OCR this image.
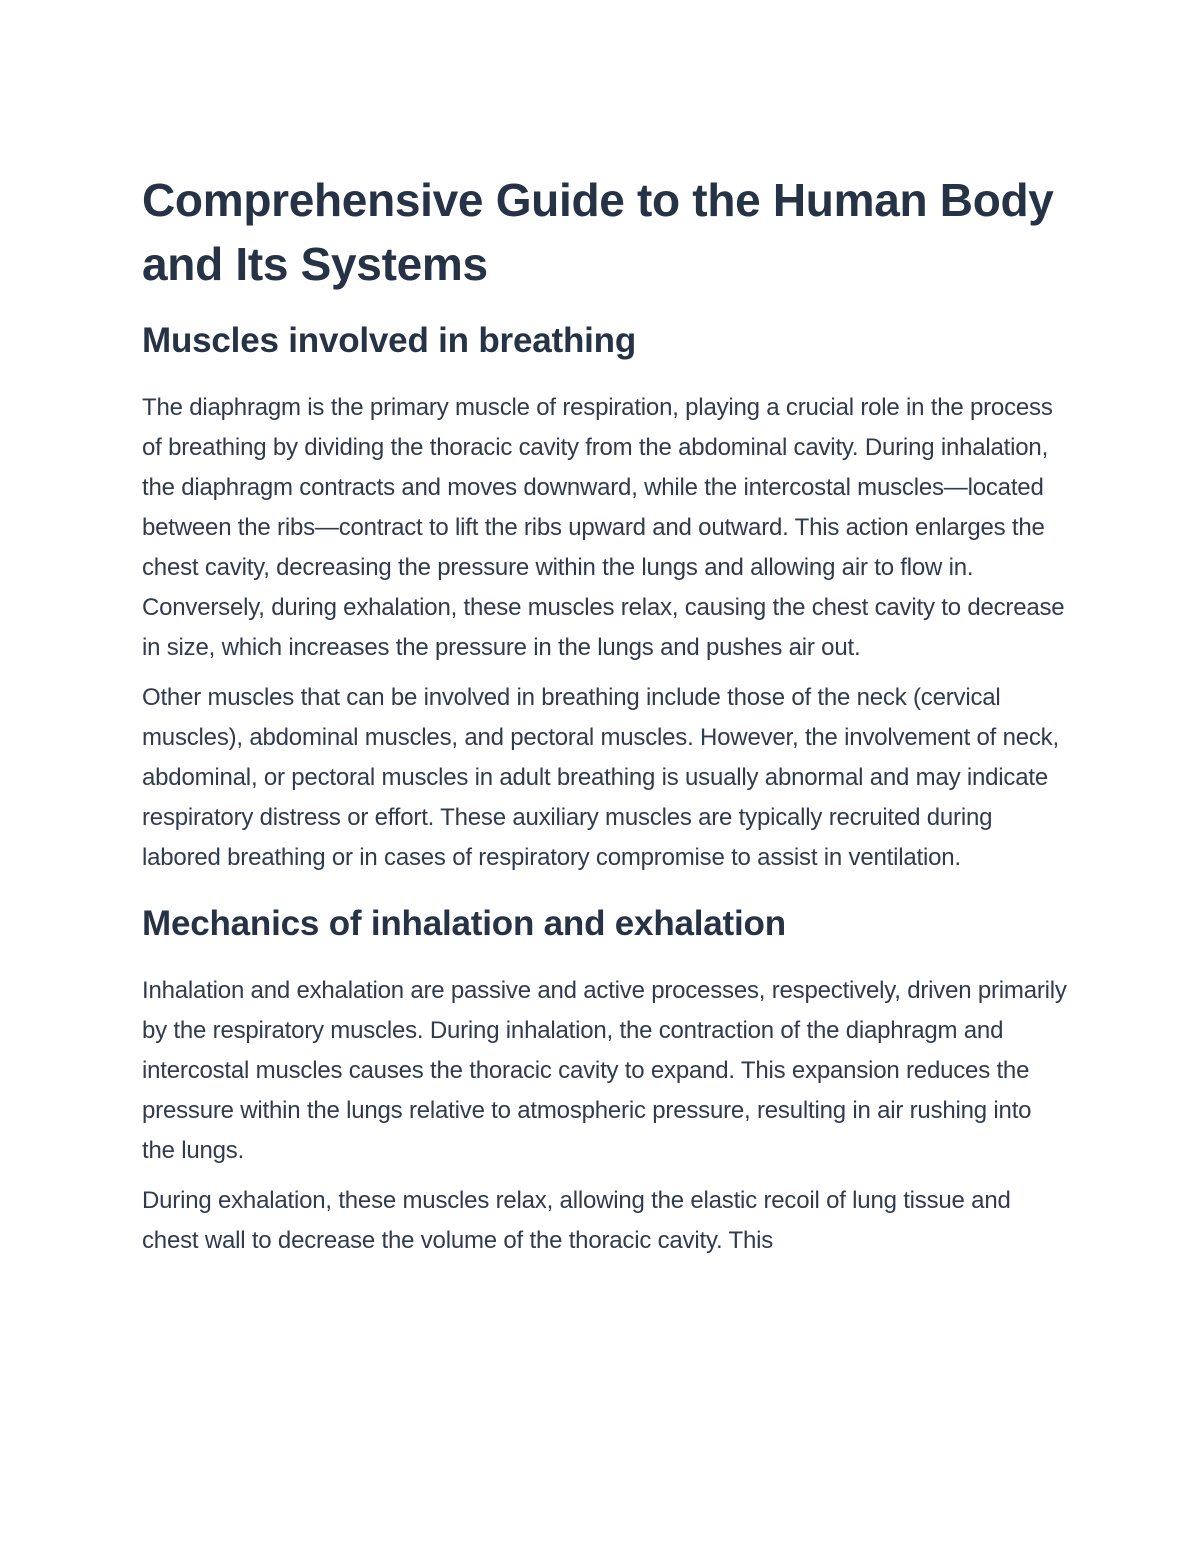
Comprehensive Guide to the Human Body and Its Systems
Muscles involved in breathing

The diaphragm is the primary muscle of respiration, playing a crucial role in the process of breathing by dividing the thoracic cavity from the abdominal cavity. During inhalation, the diaphragm contracts and moves downward, while the intercostal muscles—located between the ribs—contract to lift the ribs upward and outward. This action enlarges the chest cavity, decreasing the pressure within the lungs and allowing air to flow in. Conversely, during exhalation, these muscles relax, causing the chest cavity to decrease in size, which increases the pressure in the lungs and pushes air out.

Other muscles that can be involved in breathing include those of the neck (cervical muscles), abdominal muscles, and pectoral muscles. However, the involvement of neck, abdominal, or pectoral muscles in adult breathing is usually abnormal and may indicate respiratory distress or effort. These auxiliary muscles are typically recruited during labored breathing or in cases of respiratory compromise to assist in ventilation.

Mechanics of inhalation and exhalation

Inhalation and exhalation are passive and active processes, respectively, driven primarily by the respiratory muscles. During inhalation, the contraction of the diaphragm and intercostal muscles causes the thoracic cavity to expand. This expansion reduces the pressure within the lungs relative to atmospheric pressure, resulting in air rushing into the lungs.

During exhalation, these muscles relax, allowing the elastic recoil of lung tissue and chest wall to decrease the volume of the thoracic cavity. This
